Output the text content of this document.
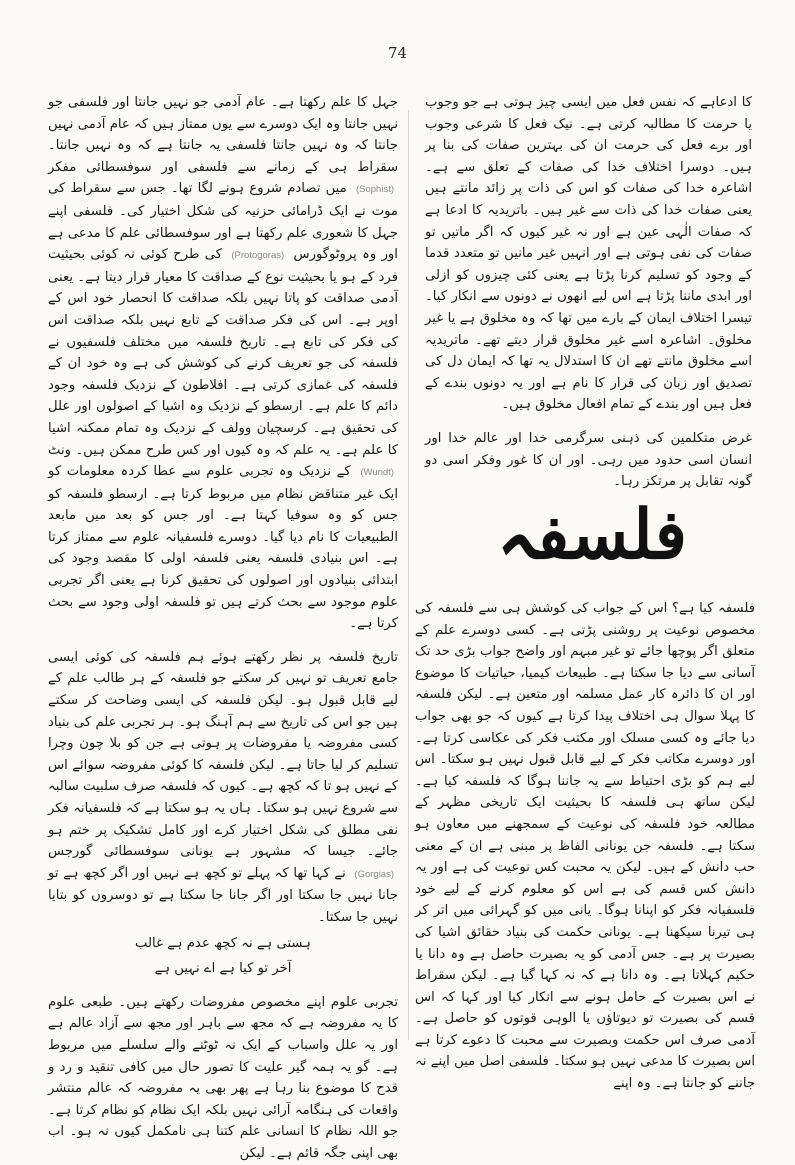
74

کا ادعاہے کہ نفس فعل میں ایسی چیز ہوتی ہے جو وجوب یا حرمت کا مطالبہ کرتی ہے۔ نیک فعل کا شرعی وجوب اور برے فعل کی حرمت ان کی بہترین صفات کی بنا پر ہیں۔ دوسرا اختلاف خدا کی صفات کے تعلق سے ہے۔ اشاعرہ خدا کی صفات کو اس کی ذات پر زائد مانتے ہیں یعنی صفات خدا کی ذات سے غیر ہیں۔ باتریدیہ کا ادعا ہے کہ صفات الٰہی عین ہے اور نہ غیر کیوں کہ اگر ماتیں تو صفات کی نفی ہوتی ہے اور انہیں غیر مانیں تو متعدد قدما کے وجود کو تسلیم کرنا پڑتا ہے یعنی کئی چیزوں کو ازلی اور ابدی ماننا پڑتا ہے اس لیے انھوں نے دونوں سے انکار کیا۔ تیسرا اختلاف ایمان کے بارے میں تھا کہ وہ مخلوق ہے یا غیر مخلوق۔ اشاعرہ اسے غیر مخلوق قرار دیتے تھے۔ ماتریدیہ اسے مخلوق مانتے تھے ان کا استدلال یہ تھا کہ ایمان دل کی تصدیق اور زبان کی قرار کا نام ہے اور یہ دونوں بندے کے فعل ہیں اور بندے کے تمام افعال مخلوق ہیں۔

غرض متکلمین کی ذہنی سرگرمی خدا اور عالم خدا اور انسان اسی حدود میں رہی۔ اور ان کا غور وفکر اسی دو گونہ تقابل پر مرتکز رہا۔

فلسفہ

فلسفہ کیا ہے؟ اس کے جواب کی کوشش ہی سے فلسفہ کی مخصوص نوعیت پر روشنی پڑتی ہے۔ کسی دوسرے علم کے متعلق اگر پوچھا جائے تو غیر مبہم اور واضح جواب بڑی حد تک آسانی سے دیا جا سکتا ہے۔ طبیعات کیمیا، حیاتیات کا موضوع اور ان کا دائرہ کار عمل مسلمہ اور متعین ہے۔ لیکن فلسفہ کا پہلا سوال ہی اختلاف پیدا کرتا ہے کیوں کہ جو بھی جواب دیا جائے وہ کسی مسلک اور مکتب فکر کی عکاسی کرتا ہے۔ اور دوسرے مکاتب فکر کے لیے قابل قبول نہیں ہو سکتا۔ اس لیے ہم کو بڑی احتیاط سے یہ جاننا ہوگا کہ فلسفہ کیا ہے۔ لیکن ساتھ ہی فلسفہ کا بحیثیت ایک تاریخی مظہر کے مطالعہ خود فلسفہ کی نوعیت کے سمجھنے میں معاون ہو سکتا ہے۔ فلسفہ جن یونانی الفاظ پر مبنی ہے ان کے معنی حب دانش کے ہیں۔ لیکن یہ محبت کس نوعیت کی ہے اور یہ دانش کس قسم کی ہے اس کو معلوم کرنے کے لیے خود فلسفیانہ فکر کو اپنانا ہوگا۔ یانی میں کو گہرائی میں اتر کر ہی تیرنا سیکھنا ہے۔ یونانی حکمت کی بنیاد حقائق اشیا کی بصیرت پر ہے۔ جس آدمی کو یہ بصیرت حاصل ہے وہ دانا یا حکیم کہلاتا ہے۔ وہ دانا ہے کہ نہ کہا گیا ہے۔ لیکن سقراط نے اس بصیرت کے حامل ہونے سے انکار کیا اور کہا کہ اس قسم کی بصیرت تو دیوتاؤں یا الوہی قوتوں کو حاصل ہے۔ آدمی صرف اس حکمت وبصیرت سے محبت کا دعوے کرتا ہے اس بصیرت کا مدعی نہیں ہو سکتا۔ فلسفی اصل میں اپنے نہ جاننے کو جانتا ہے۔ وہ اپنے

جہل کا علم رکھتا ہے۔ عام آدمی جو نہیں جانتا اور فلسفی جو نہیں جانتا وہ ایک دوسرے سے یوں ممتاز ہیں کہ عام آدمی نہیں جانتا کہ وہ نہیں جانتا فلسفی یہ جانتا ہے کہ وہ نہیں جانتا۔ سقراط ہی کے زمانے سے فلسفی اور سوفسطائی مفکر (Sophist) میں تصادم شروع ہونے لگا تھا۔ جس سے سقراط کی موت نے ایک ڈرامائی حزنیہ کی شکل اختیار کی۔ فلسفی اپنے جہل کا شعوری علم رکھتا ہے اور سوفسطائی علم کا مدعی ہے اور وہ پروٹوگورس (Protogoras) کی طرح کوئی نہ کوئی بحیثیت فرد کے ہو یا بحیثیت نوع کے صداقت کا معیار قرار دیتا ہے۔ یعنی آدمی صداقت کو پاتا نہیں بلکہ صداقت کا انحصار خود اس کے اوپر ہے۔ اس کی فکر صداقت کے تابع نہیں بلکہ صداقت اس کی فکر کی تابع ہے۔ تاریخ فلسفہ میں مختلف فلسفیوں نے فلسفہ کی جو تعریف کرنے کی کوشش کی ہے وہ خود ان کے فلسفہ کی غمازی کرتی ہے۔ افلاطون کے نزدیک فلسفہ وجود دائم کا علم ہے۔ ارسطو کے نزدیک وہ اشیا کے اصولوں اور علل کی تحقیق ہے۔ کرسچیان وولف کے نزدیک وہ تمام ممکنہ اشیا کا علم ہے۔ یہ علم کہ وہ کیوں اور کس طرح ممکن ہیں۔ ونٹ (Wundt) کے نزدیک وہ تجربی علوم سے عطا کردہ معلومات کو ایک غیر متناقض نظام میں مربوط کرتا ہے۔ ارسطو فلسفہ کو جس کو وہ سوفیا کہتا ہے۔ اور جس کو بعد میں مابعد الطبیعیات کا نام دیا گیا۔ دوسرے فلسفیانہ علوم سے ممتاز کرتا ہے۔ اس بنیادی فلسفہ یعنی فلسفہ اولی کا مقصد وجود کی ابتدائی بنیادوں اور اصولوں کی تحقیق کرنا ہے یعنی اگر تجربی علوم موجود سے بحث کرتے ہیں تو فلسفہ اولی وجود سے بحث کرتا ہے۔

تاریخ فلسفہ پر نظر رکھتے ہوئے ہم فلسفہ کی کوئی ایسی جامع تعریف تو نہیں کر سکتے جو فلسفہ کے ہر طالب علم کے لیے قابل قبول ہو۔ لیکن فلسفہ کی ایسی وضاحت کر سکتے ہیں جو اس کی تاریخ سے ہم آہنگ ہو۔ ہر تجربی علم کی بنیاد کسی مفروضہ یا مفروضات پر ہوتی ہے جن کو بلا چون وچرا تسلیم کر لیا جاتا ہے۔ لیکن فلسفہ کا کوئی مفروضہ سوائے اس کے نہیں ہو تا کہ کچھ ہے۔ کیوں کہ فلسفہ صرف سلبیت سالبہ سے شروع نہیں ہو سکتا۔ ہاں یہ ہو سکتا ہے کہ فلسفیانہ فکر نفی مطلق کی شکل اختیار کرے اور کامل تشکیک پر ختم ہو جائے۔ جیسا کہ مشہور ہے یونانی سوفسطائی گورجس (Gorgias) نے کہا تھا کہ پہلے تو کچھ ہے نہیں اور اگر کچھ ہے تو جانا نہیں جا سکتا اور اگر جانا جا سکتا ہے تو دوسروں کو بتایا نہیں جا سکتا۔

ہستی ہے نہ کچھ عدم ہے غالب

آخر تو کیا ہے اے نہیں ہے

تجربی علوم اپنے مخصوص مفروضات رکھتے ہیں۔ طبعی علوم کا یہ مفروضہ ہے کہ مجھ سے باہر اور مجھ سے آزاد عالم ہے اور یہ علل واسباب کے ایک نہ ٹوٹنے والے سلسلے میں مربوط ہے۔ گو یہ ہمہ گیر علیت کا تصور حال میں کافی تنقید و رد و قدح کا موضوع بنا رہا ہے پھر بھی یہ مفروضہ کہ عالم منتشر واقعات کی ہنگامہ آرائی نہیں بلکہ ایک نظام کو نظام کرتا ہے۔ جو اللہ نظام کا انسانی علم کتنا ہی نامکمل کیوں نہ ہو۔ اب بھی اپنی جگہ قائم ہے۔ لیکن
